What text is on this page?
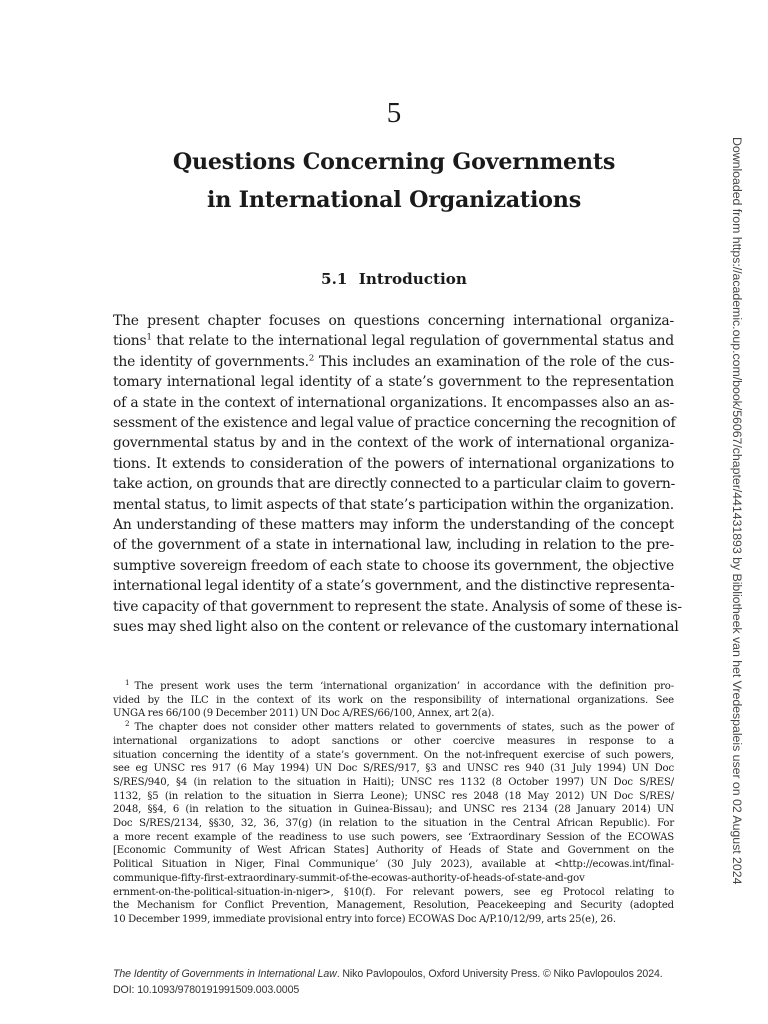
5
Questions Concerning Governments
in International Organizations
5.1 Introduction
The present chapter focuses on questions concerning international organiza-
tions$^1$ that relate to the international legal regulation of governmental status and
the identity of governments.$^2$ This includes an examination of the role of the cus-
tomary international legal identity of a state’s government to the representation
of a state in the context of international organizations. It encompasses also an as-
sessment of the existence and legal value of practice concerning the recognition of
governmental status by and in the context of the work of international organiza-
tions. It extends to consideration of the powers of international organizations to
take action, on grounds that are directly connected to a particular claim to govern-
mental status, to limit aspects of that state’s participation within the organization.
An understanding of these matters may inform the understanding of the concept
of the government of a state in international law, including in relation to the pre-
sumptive sovereign freedom of each state to choose its government, the objective
international legal identity of a state’s government, and the distinctive representa-
tive capacity of that government to represent the state. Analysis of some of these is-
sues may shed light also on the content or relevance of the customary international
$^1$ The present work uses the term ‘international organization’ in accordance with the definition pro-
vided by the ILC in the context of its work on the responsibility of international organizations. See
UNGA res 66/100 (9 December 2011) UN Doc A/RES/66/100, Annex, art 2(a).
$^2$ The chapter does not consider other matters related to governments of states, such as the power of
international organizations to adopt sanctions or other coercive measures in response to a
situation concerning the identity of a state’s government. On the not-infrequent exercise of such powers,
see eg UNSC res 917 (6 May 1994) UN Doc S/RES/917, §3 and UNSC res 940 (31 July 1994) UN Doc
S/RES/940, §4 (in relation to the situation in Haiti); UNSC res 1132 (8 October 1997) UN Doc S/RES/
1132, §5 (in relation to the situation in Sierra Leone); UNSC res 2048 (18 May 2012) UN Doc S/RES/
2048, §§4, 6 (in relation to the situation in Guinea-Bissau); and UNSC res 2134 (28 January 2014) UN
Doc S/RES/2134, §§30, 32, 36, 37(g) (in relation to the situation in the Central African Republic). For
a more recent example of the readiness to use such powers, see ‘Extraordinary Session of the ECOWAS
[Economic Community of West African States] Authority of Heads of State and Government on the
Political Situation in Niger, Final Communique’ (30 July 2023), available at <http://ecowas.int/final-
communique-fifty-first-extraordinary-summit-of-the-ecowas-authority-of-heads-of-state-and-gov
ernment-on-the-political-situation-in-niger>, §10(f). For relevant powers, see eg Protocol relating to
the Mechanism for Conflict Prevention, Management, Resolution, Peacekeeping and Security (adopted
10 December 1999, immediate provisional entry into force) ECOWAS Doc A/P.10/12/99, arts 25(e), 26.
The Identity of Governments in International Law. Niko Pavlopoulos, Oxford University Press. © Niko Pavlopoulos 2024.
DOI: 10.1093/9780191991509.003.0005
Downloaded from https://academic.oup.com/book/56067/chapter/441431893 by Bibliotheek van het Vredespaleis user on 02 August 2024
